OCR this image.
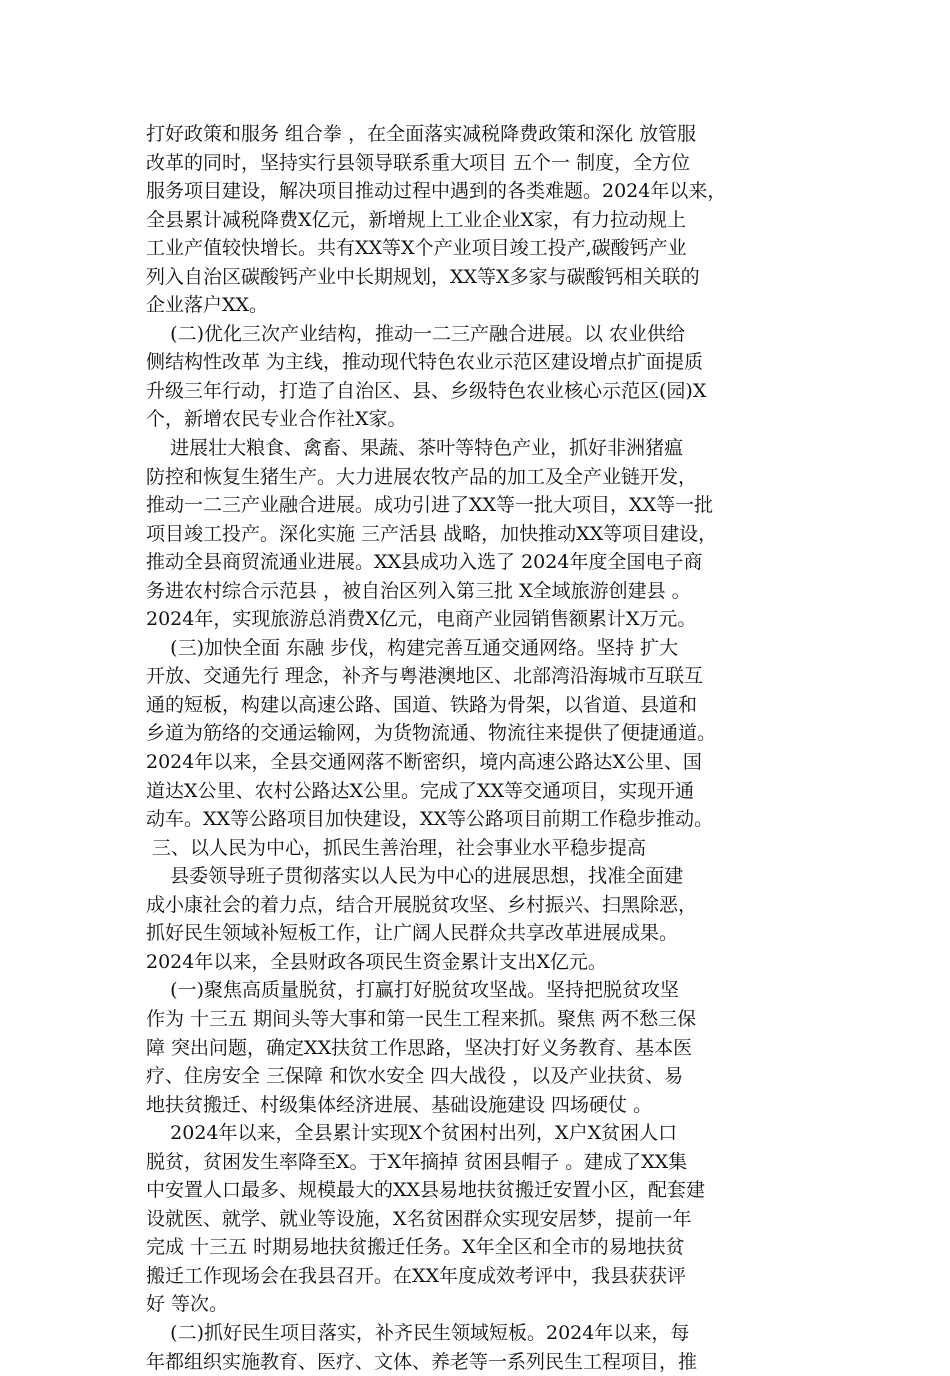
打好政策和服务 组合拳 ，在全面落实减税降费政策和深化 放管服
改革的同时，坚持实行县领导联系重大项目 五个一 制度，全方位
服务项目建设，解决项目推动过程中遇到的各类难题。2024年以来，
全县累计减税降费X亿元，新增规上工业企业X家，有力拉动规上
工业产值较快增长。共有XX等X个产业项目竣工投产,碳酸钙产业
列入自治区碳酸钙产业中长期规划，XX等X多家与碳酸钙相关联的
企业落户XX。
(二)优化三次产业结构，推动一二三产融合进展。以 农业供给
侧结构性改革 为主线，推动现代特色农业示范区建设增点扩面提质
升级三年行动，打造了自治区、县、乡级特色农业核心示范区(园)X
个，新增农民专业合作社X家。
进展壮大粮食、禽畜、果蔬、茶叶等特色产业，抓好非洲猪瘟
防控和恢复生猪生产。大力进展农牧产品的加工及全产业链开发，
推动一二三产业融合进展。成功引进了XX等一批大项目，XX等一批
项目竣工投产。深化实施 三产活县 战略，加快推动XX等项目建设，
推动全县商贸流通业进展。XX县成功入选了 2024年度全国电子商
务进农村综合示范县 ，被自治区列入第三批 X全域旅游创建县 。
2024年，实现旅游总消费X亿元，电商产业园销售额累计X万元。
(三)加快全面 东融 步伐，构建完善互通交通网络。坚持 扩大
开放、交通先行 理念，补齐与粤港澳地区、北部湾沿海城市互联互
通的短板，构建以高速公路、国道、铁路为骨架，以省道、县道和
乡道为筋络的交通运输网，为货物流通、物流往来提供了便捷通道。
2024年以来，全县交通网落不断密织，境内高速公路达X公里、国
道达X公里、农村公路达X公里。完成了XX等交通项目，实现开通
动车。XX等公路项目加快建设，XX等公路项目前期工作稳步推动。
三、以人民为中心，抓民生善治理，社会事业水平稳步提高
县委领导班子贯彻落实以人民为中心的进展思想，找准全面建
成小康社会的着力点，结合开展脱贫攻坚、乡村振兴、扫黑除恶，
抓好民生领域补短板工作，让广阔人民群众共享改革进展成果。
2024年以来，全县财政各项民生资金累计支出X亿元。
(一)聚焦高质量脱贫，打赢打好脱贫攻坚战。坚持把脱贫攻坚
作为 十三五 期间头等大事和第一民生工程来抓。聚焦 两不愁三保
障 突出问题，确定XX扶贫工作思路，坚决打好义务教育、基本医
疗、住房安全 三保障 和饮水安全 四大战役 ，以及产业扶贫、易
地扶贫搬迁、村级集体经济进展、基础设施建设 四场硬仗 。
2024年以来，全县累计实现X个贫困村出列，X户X贫困人口
脱贫，贫困发生率降至X。于X年摘掉 贫困县帽子 。建成了XX集
中安置人口最多、规模最大的XX县易地扶贫搬迁安置小区，配套建
设就医、就学、就业等设施，X名贫困群众实现安居梦，提前一年
完成 十三五 时期易地扶贫搬迁任务。X年全区和全市的易地扶贫
搬迁工作现场会在我县召开。在XX年度成效考评中，我县获获评
好 等次。
(二)抓好民生项目落实，补齐民生领域短板。2024年以来，每
年都组织实施教育、医疗、文体、养老等一系列民生工程项目，推
